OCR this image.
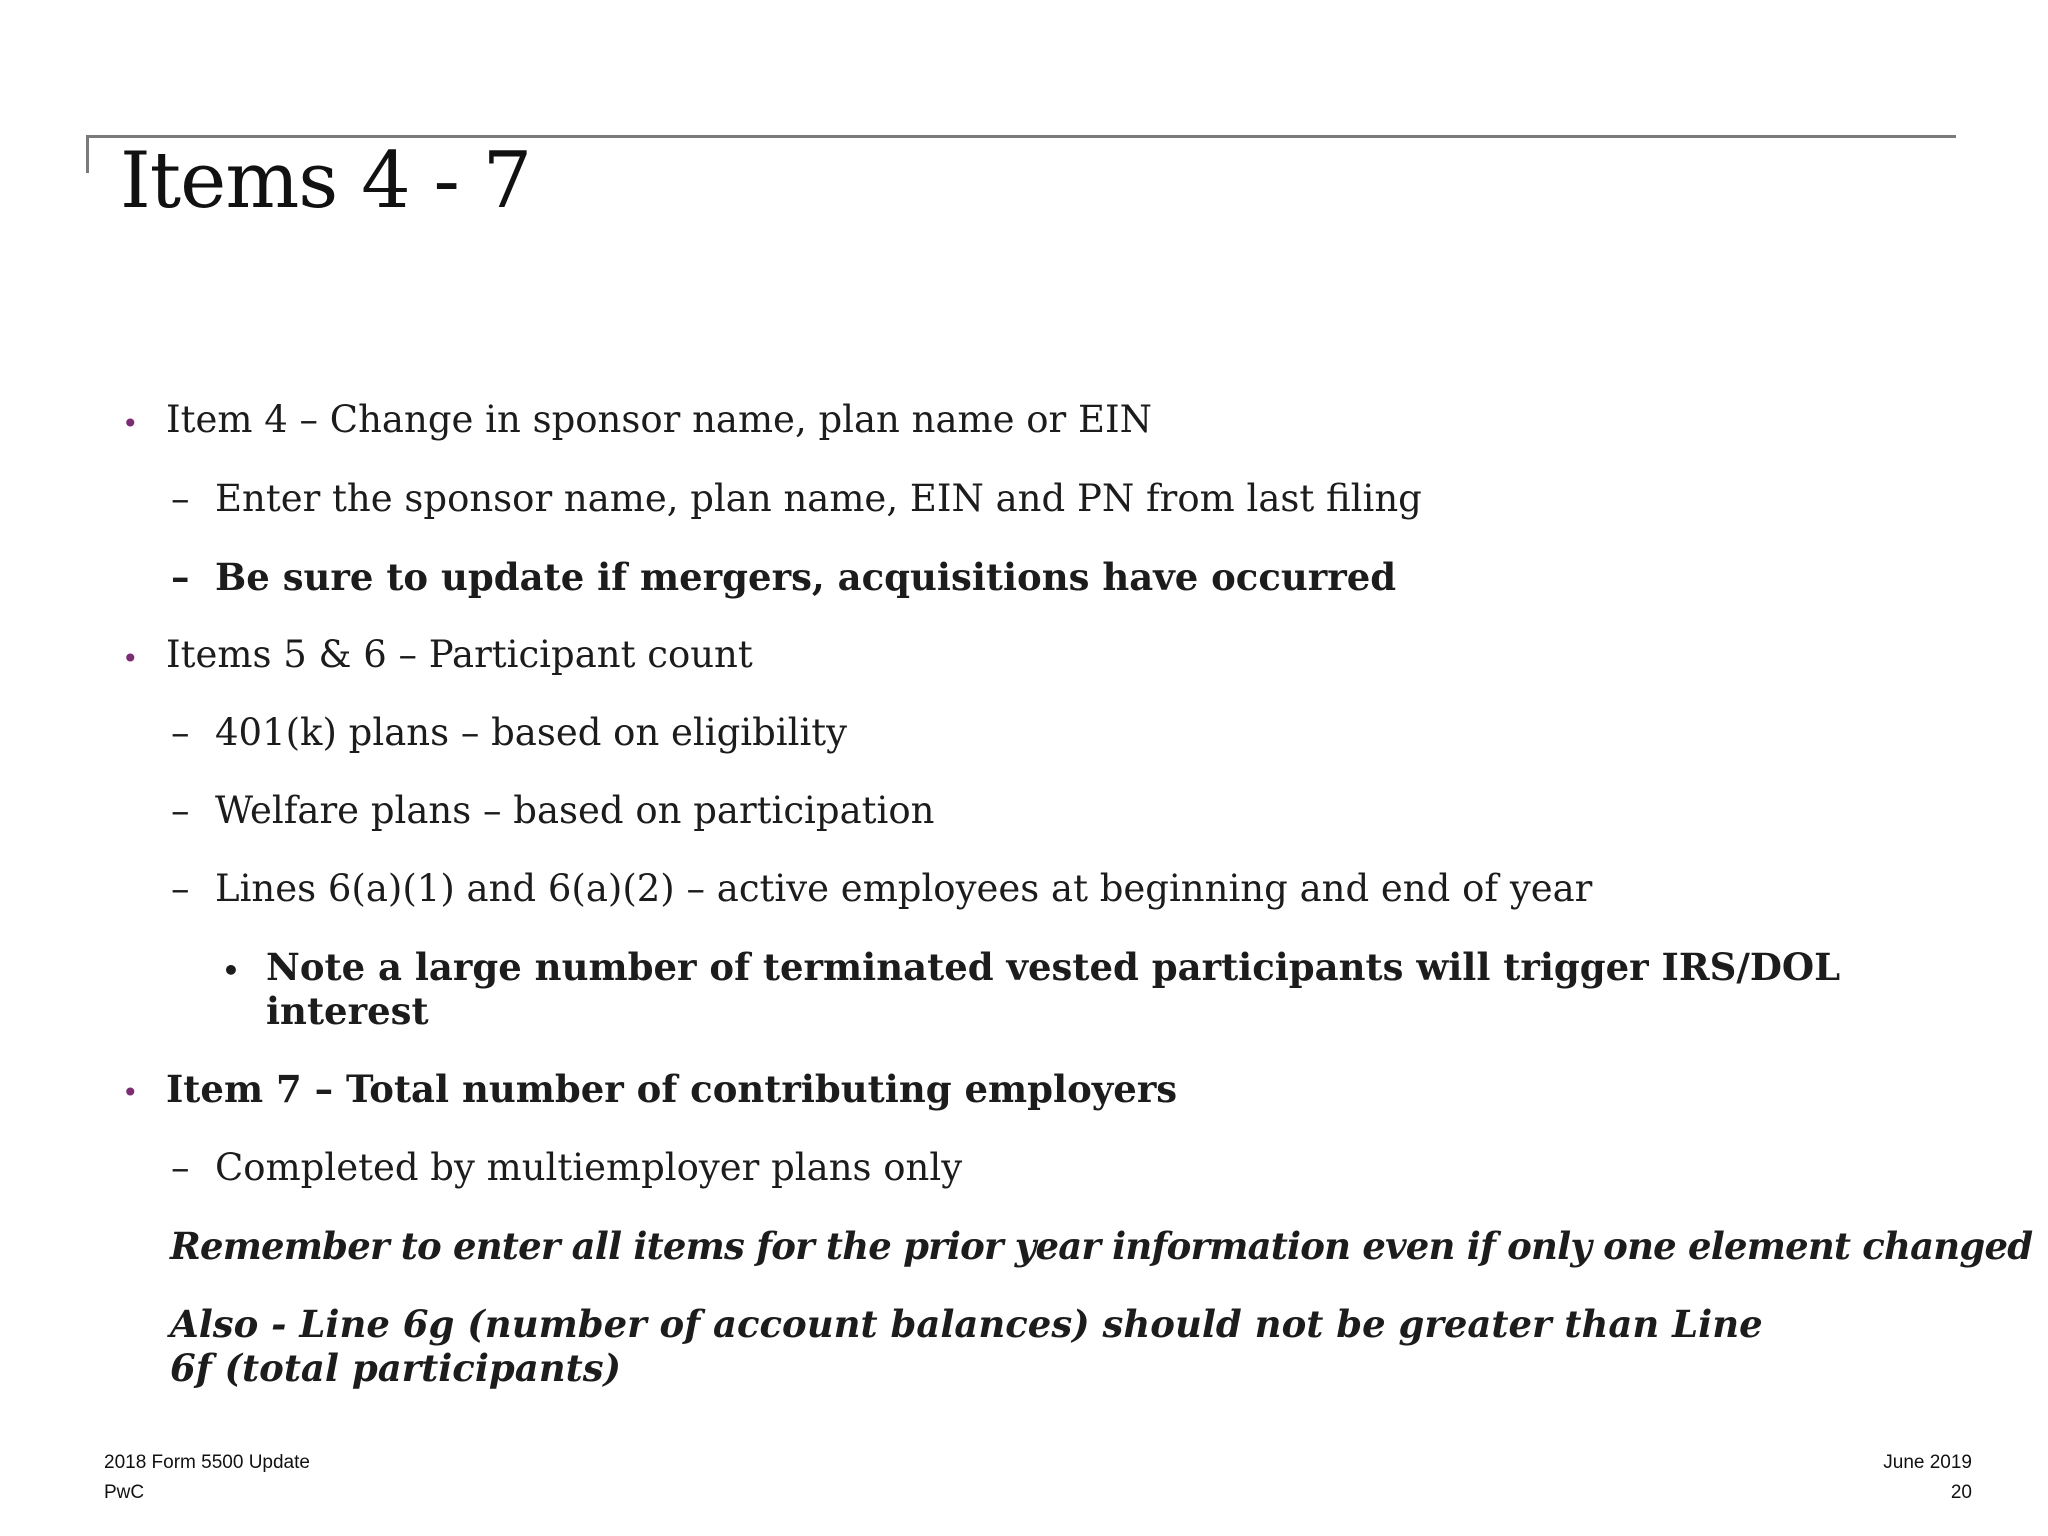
Items 4 - 7
• Item 4 – Change in sponsor name, plan name or EIN
– Enter the sponsor name, plan name, EIN and PN from last filing
– Be sure to update if mergers, acquisitions have occurred
• Items 5 & 6 – Participant count
– 401(k) plans – based on eligibility
– Welfare plans – based on participation
– Lines 6(a)(1) and 6(a)(2) – active employees at beginning and end of year
• Note a large number of terminated vested participants will trigger IRS/DOL interest
• Item 7 – Total number of contributing employers
– Completed by multiemployer plans only
Remember to enter all items for the prior year information even if only one element changed
Also - Line 6g (number of account balances) should not be greater than Line 6f (total participants)
2018 Form 5500 Update
PwC
June 2019
20
